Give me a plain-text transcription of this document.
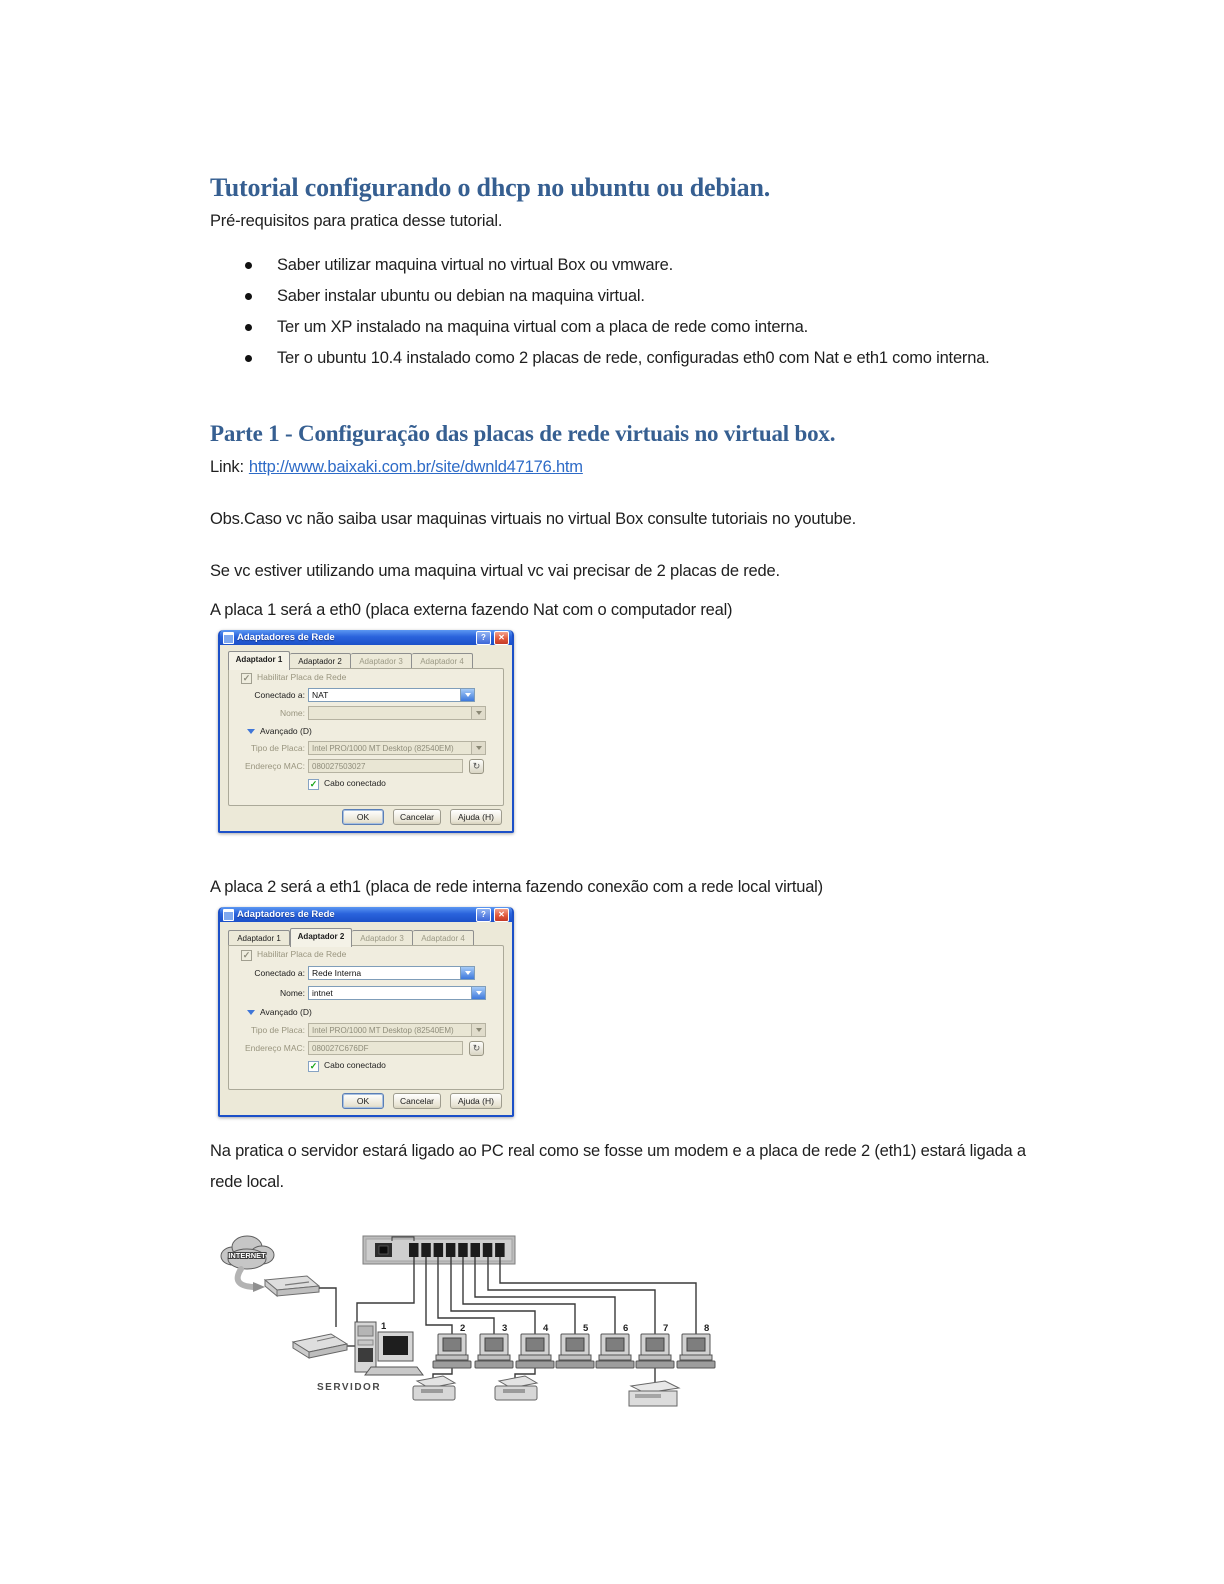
Tutorial configurando o dhcp no ubuntu ou debian.
Pré-requisitos para pratica desse tutorial.
Saber utilizar maquina virtual no virtual Box ou vmware.
Saber instalar ubuntu ou debian na maquina virtual.
Ter um XP instalado na maquina virtual com a placa de rede como interna.
Ter o ubuntu 10.4 instalado como 2 placas de rede, configuradas eth0 com Nat e eth1 como interna.
Parte 1 - Configuração das placas de rede virtuais no virtual box.
Link: http://www.baixaki.com.br/site/dwnld47176.htm
Obs.Caso vc não saiba usar maquinas virtuais no virtual Box consulte tutoriais no youtube.
Se vc estiver utilizando uma maquina virtual vc vai precisar de 2 placas de rede.
A placa 1 será a eth0 (placa externa fazendo Nat com o computador real)
Adaptadores de Rede	?	✕
Adaptador 1	Adaptador 2	Adaptador 3	Adaptador 4
✓ Habilitar Placa de Rede
Conectado a: NAT
Nome:
Avançado (D)
Tipo de Placa: Intel PRO/1000 MT Desktop (82540EM)
Endereço MAC: 080027503027	↻
✓ Cabo conectado
OK	Cancelar	Ajuda (H)
A placa 2 será a eth1 (placa de rede interna fazendo conexão com a rede local virtual)
Adaptadores de Rede	?	✕
Adaptador 1	Adaptador 2	Adaptador 3	Adaptador 4
✓ Habilitar Placa de Rede
Conectado a: Rede Interna
Nome: intnet
Avançado (D)
Tipo de Placa: Intel PRO/1000 MT Desktop (82540EM)
Endereço MAC: 080027C676DF	↻
✓ Cabo conectado
OK	Cancelar	Ajuda (H)
Na pratica o servidor estará ligado ao PC real como se fosse um modem e a placa de rede 2 (eth1) estará ligada a rede local.
INTERNET
1
SERVIDOR
2	3	4	5	6	7	8
